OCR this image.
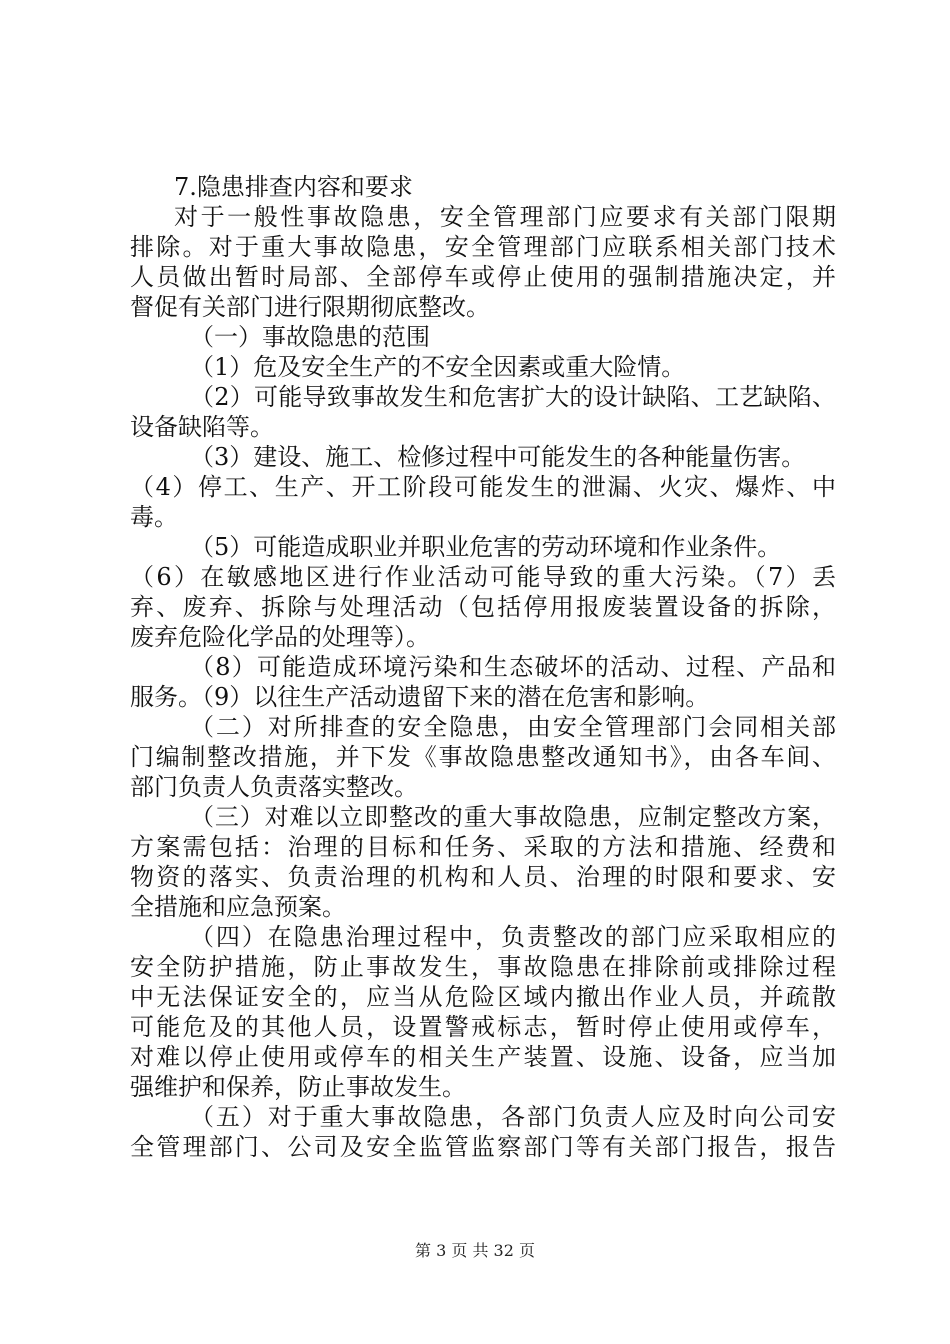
7.隐患排查内容和要求
对于一般性事故隐患，安全管理部门应要求有关部门限期
排除。对于重大事故隐患，安全管理部门应联系相关部门技术
人员做出暂时局部、全部停车或停止使用的强制措施决定，并
督促有关部门进行限期彻底整改。
（一）事故隐患的范围
（1）危及安全生产的不安全因素或重大险情。
（2）可能导致事故发生和危害扩大的设计缺陷、工艺缺陷、
设备缺陷等。
（3）建设、施工、检修过程中可能发生的各种能量伤害。
（4）停工、生产、开工阶段可能发生的泄漏、火灾、爆炸、中
毒。
（5）可能造成职业并职业危害的劳动环境和作业条件。
（6）在敏感地区进行作业活动可能导致的重大污染。（7）丢
弃、废弃、拆除与处理活动（包括停用报废装置设备的拆除，
废弃危险化学品的处理等）。
（8）可能造成环境污染和生态破坏的活动、过程、产品和
服务。（9）以往生产活动遗留下来的潜在危害和影响。
（二）对所排查的安全隐患，由安全管理部门会同相关部
门编制整改措施，并下发《事故隐患整改通知书》，由各车间、
部门负责人负责落实整改。
（三）对难以立即整改的重大事故隐患，应制定整改方案，
方案需包括：治理的目标和任务、采取的方法和措施、经费和
物资的落实、负责治理的机构和人员、治理的时限和要求、安
全措施和应急预案。
（四）在隐患治理过程中，负责整改的部门应采取相应的
安全防护措施，防止事故发生，事故隐患在排除前或排除过程
中无法保证安全的，应当从危险区域内撤出作业人员，并疏散
可能危及的其他人员，设置警戒标志，暂时停止使用或停车，
对难以停止使用或停车的相关生产装置、设施、设备，应当加
强维护和保养，防止事故发生。
（五）对于重大事故隐患，各部门负责人应及时向公司安
全管理部门、公司及安全监管监察部门等有关部门报告，报告
第 3 页 共 32 页
